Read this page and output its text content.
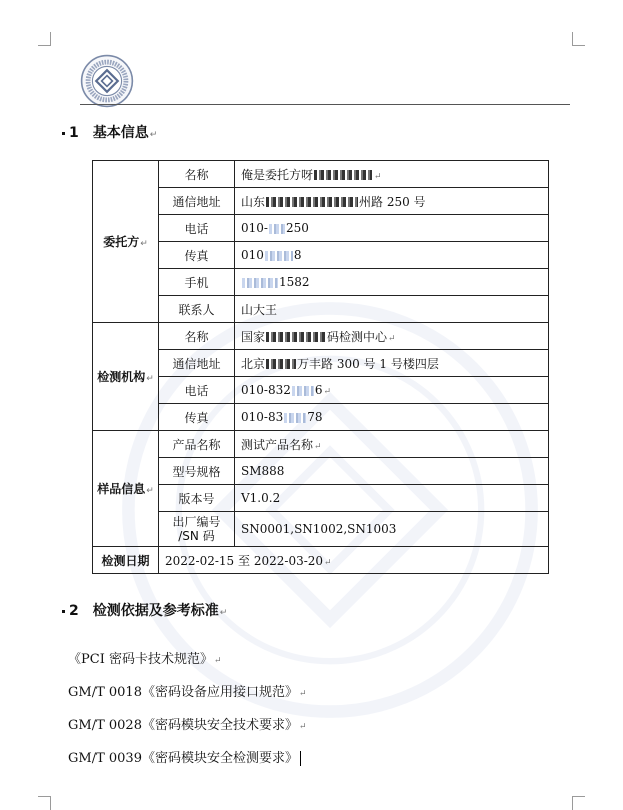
1 基本信息↵
委托方↵	名称	俺是委托方呀 ↵
	通信地址	山东 州路 250 号
	电话	010- 250
	传真	010 8
	手机	1582
	联系人	山大王
检测机构↵	名称	国家 码检测中心↵
	通信地址	北京 万丰路 300 号 1 号楼四层
	电话	010-832 6↵
	传真	010-83 78
样品信息↵	产品名称	测试产品名称↵
	型号规格	SM888
	版本号	V1.0.2
	出厂编号
/SN 码	SN0001,SN1002,SN1003
检测日期	2022-02-15 至 2022-03-20↵	
2 检测依据及参考标准↵
《PCI 密码卡技术规范》↵
GM/T 0018《密码设备应用接口规范》↵
GM/T 0028《密码模块安全技术要求》↵
GM/T 0039《密码模块安全检测要求》
